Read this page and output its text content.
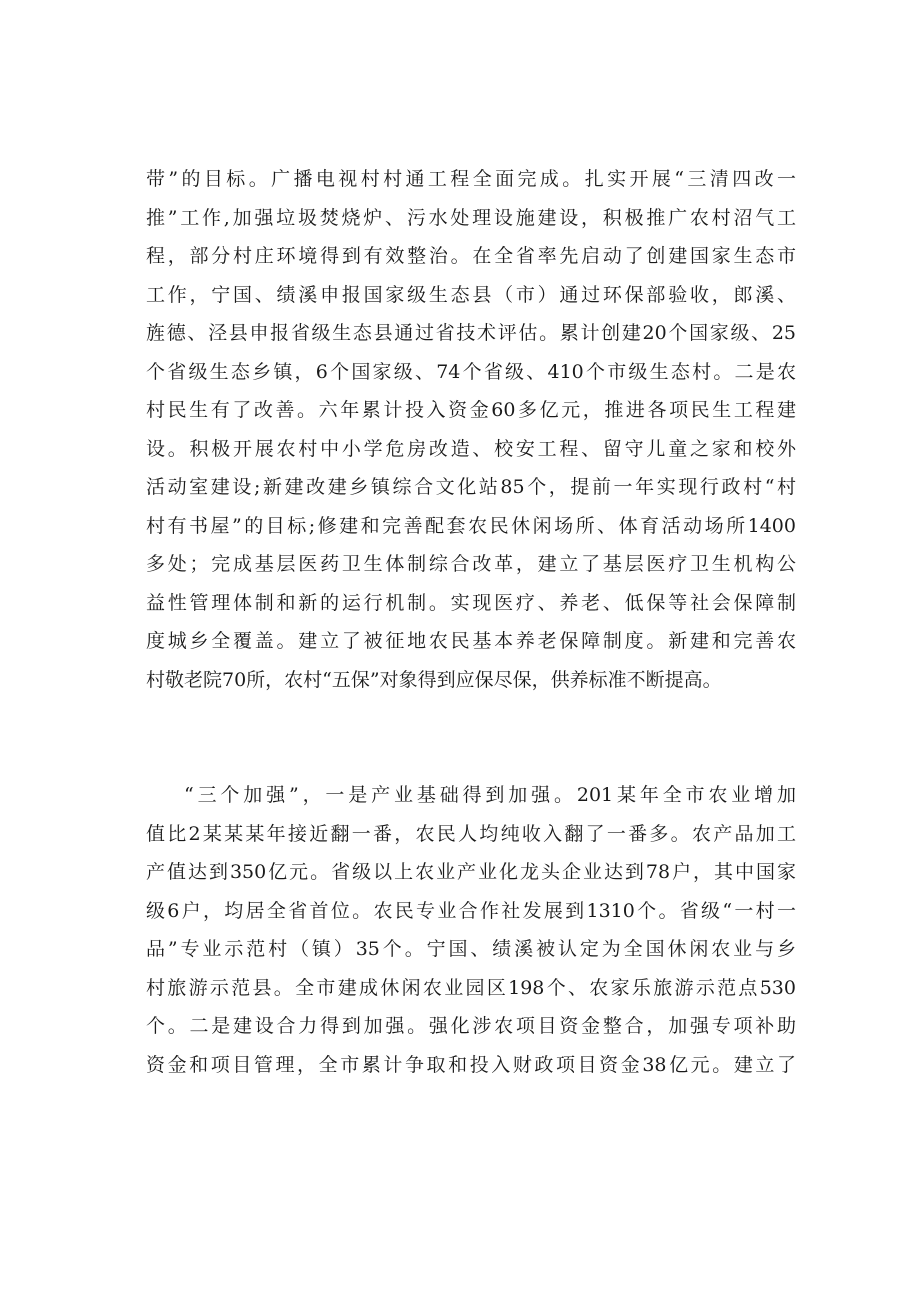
带”的目标。广播电视村村通工程全面完成。扎实开展“三清四改一
推”工作,加强垃圾焚烧炉、污水处理设施建设，积极推广农村沼气工
程，部分村庄环境得到有效整治。在全省率先启动了创建国家生态市
工作，宁国、绩溪申报国家级生态县（市）通过环保部验收，郎溪、
旌德、泾县申报省级生态县通过省技术评估。累计创建20个国家级、25
个省级生态乡镇，6个国家级、74个省级、410个市级生态村。二是农
村民生有了改善。六年累计投入资金60多亿元，推进各项民生工程建
设。积极开展农村中小学危房改造、校安工程、留守儿童之家和校外
活动室建设;新建改建乡镇综合文化站85个，提前一年实现行政村“村
村有书屋”的目标;修建和完善配套农民休闲场所、体育活动场所1400
多处；完成基层医药卫生体制综合改革，建立了基层医疗卫生机构公
益性管理体制和新的运行机制。实现医疗、养老、低保等社会保障制
度城乡全覆盖。建立了被征地农民基本养老保障制度。新建和完善农
村敬老院70所，农村“五保”对象得到应保尽保，供养标准不断提高。
“三个加强”，一是产业基础得到加强。201某年全市农业增加
值比2某某某年接近翻一番，农民人均纯收入翻了一番多。农产品加工
产值达到350亿元。省级以上农业产业化龙头企业达到78户，其中国家
级6户，均居全省首位。农民专业合作社发展到1310个。省级“一村一
品”专业示范村（镇）35个。宁国、绩溪被认定为全国休闲农业与乡
村旅游示范县。全市建成休闲农业园区198个、农家乐旅游示范点530
个。二是建设合力得到加强。强化涉农项目资金整合，加强专项补助
资金和项目管理，全市累计争取和投入财政项目资金38亿元。建立了
